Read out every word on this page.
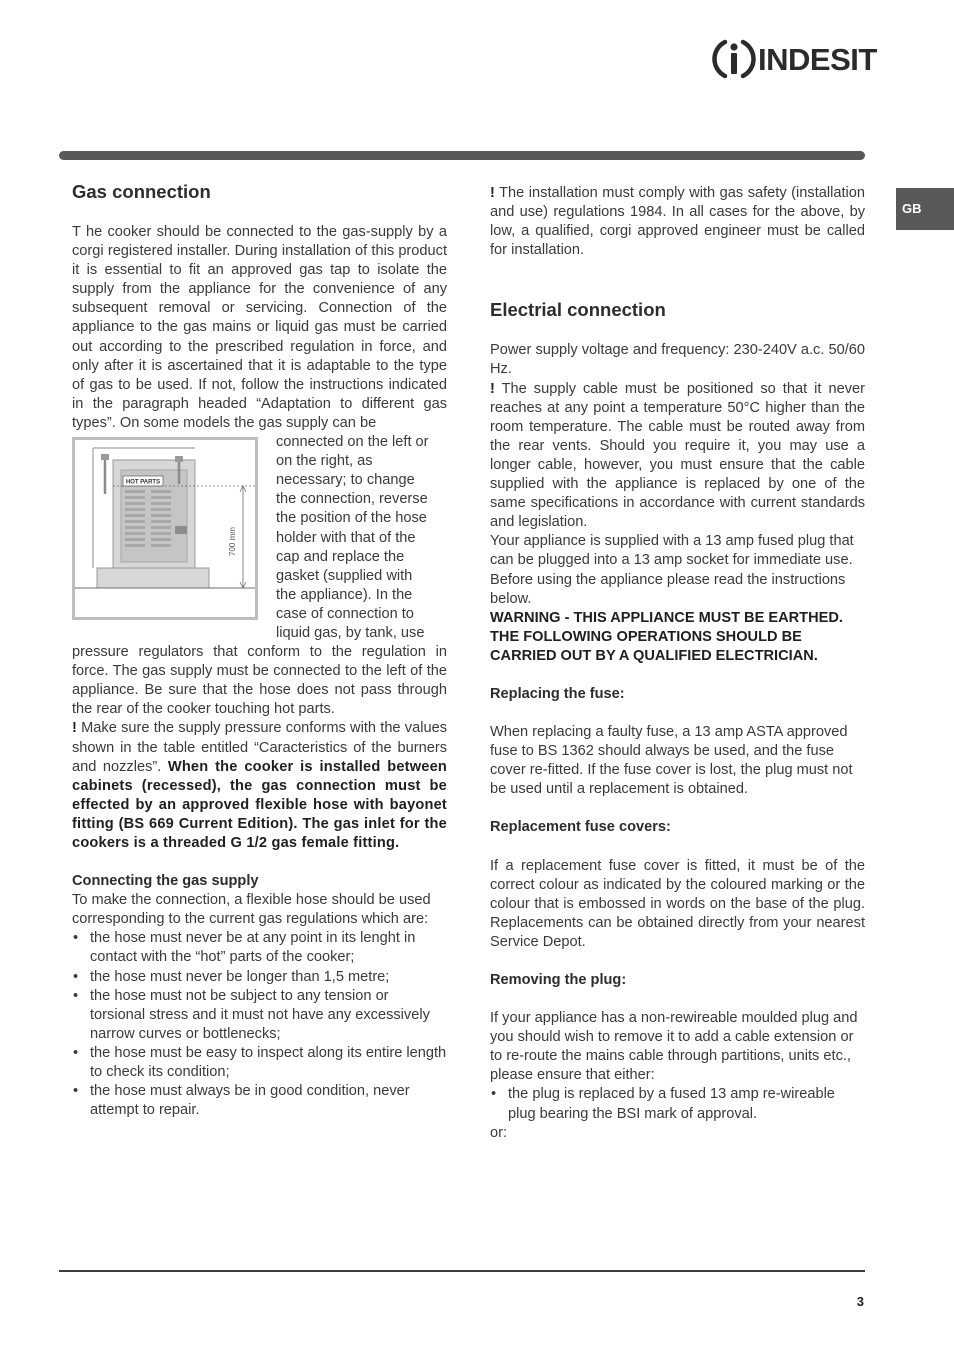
INDESIT
GB
Gas connection

T he cooker should be connected to the gas-supply by a corgi registered installer. During installation of this product it is essential to fit an approved gas tap to isolate the supply from the appliance for the convenience of any subsequent removal or servicing. Connection of the appliance to the gas mains or liquid gas must be carried out according to the prescribed regulation in force, and only after it is ascertained that it is adaptable to the type of gas to be used. If not, follow the instructions indicated in the paragraph headed “Adaptation to different gas types”. On some models the gas supply can be

HOT PARTS
700 mm
connected on the left or
on the right, as
necessary; to change
the connection, reverse
the position of the hose
holder with that of the
cap and replace the
gasket (supplied with
the appliance). In the
case of connection to
liquid gas, by tank, use

pressure regulators that conform to the regulation in force. The gas supply must be connected to the left of the appliance. Be sure that the hose does not pass through the rear of the cooker touching hot parts.

! Make sure the supply pressure conforms with the values shown in the table entitled “Caracteristics of the burners and nozzles”. When the cooker is installed between cabinets (recessed), the gas connection must be effected by an approved flexible hose with bayonet fitting (BS 669 Current Edition). The gas inlet for the cookers is a threaded G 1/2 gas female fitting.

Connecting the gas supply

To make the connection, a flexible hose should be used corresponding to the current gas regulations which are:

• the hose must never be at any point in its lenght in contact with the “hot” parts of the cooker;
• the hose must never be longer than 1,5 metre;
• the hose must not be subject to any tension or torsional stress and it must not have any excessively narrow curves or bottlenecks;
• the hose must be easy to inspect along its entire length to check its condition;
• the hose must always be in good condition, never attempt to repair.

! The installation must comply with gas safety (installation and use) regulations 1984. In all cases for the above, by low, a qualified, corgi approved engineer must be called for installation.

Electrial connection

Power supply voltage and frequency: 230-240V a.c. 50/60 Hz.

! The supply cable must be positioned so that it never reaches at any point a temperature 50°C higher than the room temperature. The cable must be routed away from the rear vents. Should you require it, you may use a longer cable, however, you must ensure that the cable supplied with the appliance is replaced by one of the same specifications in accordance with current standards and legislation.

Your appliance is supplied with a 13 amp fused plug that can be plugged into a 13 amp socket for immediate use. Before using the appliance please read the instructions below.

WARNING - THIS APPLIANCE MUST BE EARTHED.

THE FOLLOWING OPERATIONS SHOULD BE CARRIED OUT BY A QUALIFIED ELECTRICIAN.

Replacing the fuse:

When replacing a faulty fuse, a 13 amp ASTA approved fuse to BS 1362 should always be used, and the fuse cover re-fitted. If the fuse cover is lost, the plug must not be used until a replacement is obtained.

Replacement fuse covers:

If a replacement fuse cover is fitted, it must be of the correct colour as indicated by the coloured marking or the colour that is embossed in words on the base of the plug. Replacements can be obtained directly from your nearest Service Depot.

Removing the plug:

If your appliance has a non-rewireable moulded plug and you should wish to remove it to add a cable extension or to re-route the mains cable through partitions, units etc., please ensure that either:

• the plug is replaced by a fused 13 amp re-wireable plug bearing the BSI mark of approval.

or:

3
